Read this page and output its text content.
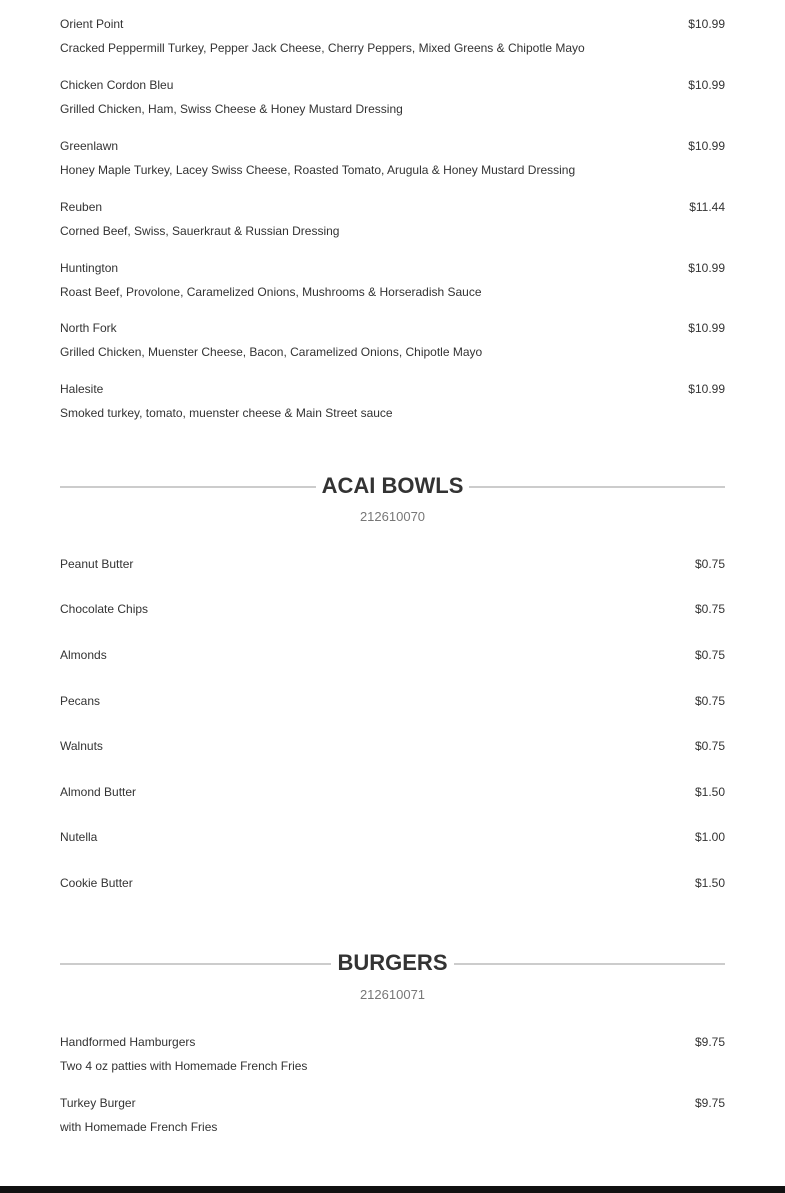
Orient Point	$10.99
Cracked Peppermill Turkey, Pepper Jack Cheese, Cherry Peppers, Mixed Greens & Chipotle Mayo
Chicken Cordon Bleu	$10.99
Grilled Chicken, Ham, Swiss Cheese & Honey Mustard Dressing
Greenlawn	$10.99
Honey Maple Turkey, Lacey Swiss Cheese, Roasted Tomato, Arugula & Honey Mustard Dressing
Reuben	$11.44
Corned Beef, Swiss, Sauerkraut & Russian Dressing
Huntington	$10.99
Roast Beef, Provolone, Caramelized Onions, Mushrooms & Horseradish Sauce
North Fork	$10.99
Grilled Chicken, Muenster Cheese, Bacon, Caramelized Onions, Chipotle Mayo
Halesite	$10.99
Smoked turkey, tomato, muenster cheese & Main Street sauce
ACAI BOWLS
212610070
Peanut Butter	$0.75
Chocolate Chips	$0.75
Almonds	$0.75
Pecans	$0.75
Walnuts	$0.75
Almond Butter	$1.50
Nutella	$1.00
Cookie Butter	$1.50
BURGERS
212610071
Handformed Hamburgers	$9.75
Two 4 oz patties with Homemade French Fries
Turkey Burger	$9.75
with Homemade French Fries
